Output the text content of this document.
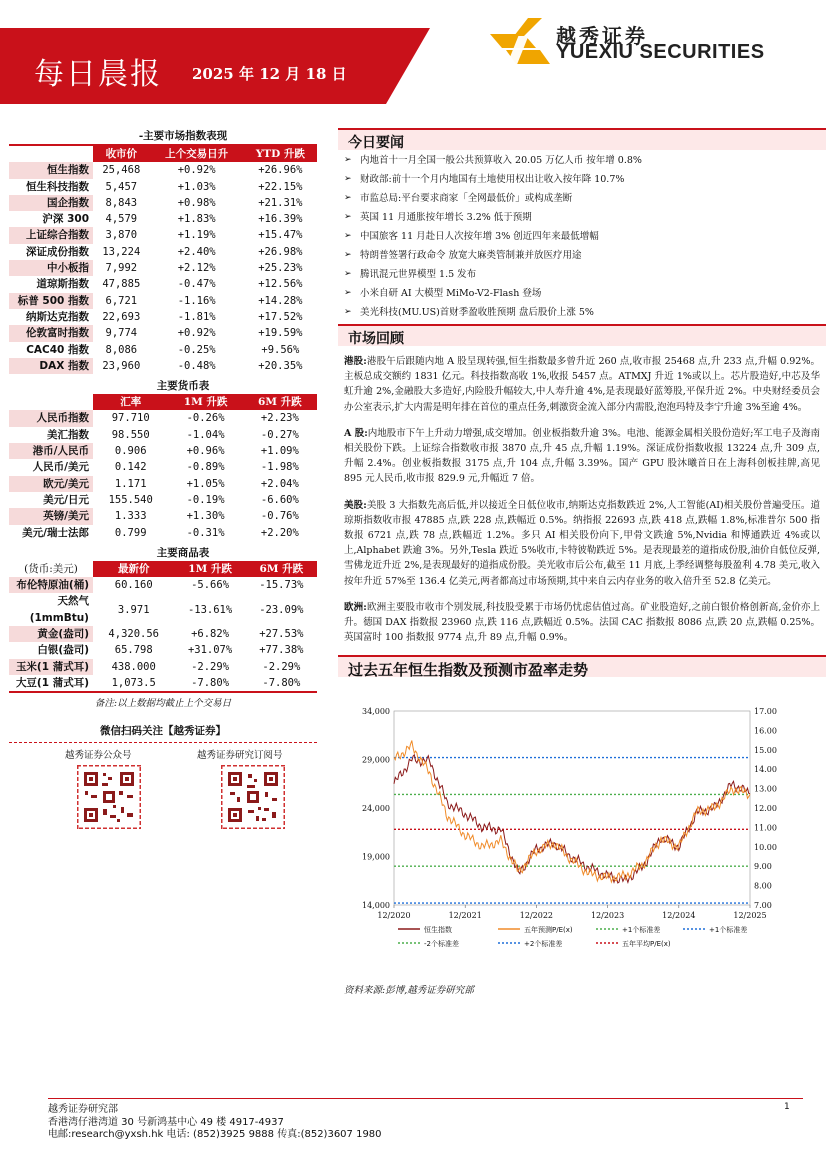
每日晨报 2025 年 12 月 18 日
越秀证券
YUEXIU SECURITIES
-主要市场指数表现
	收市价	上个交易日升	YTD 升跌
恒生指数	25,468	+0.92%	+26.96%
恒生科技指数	5,457	+1.03%	+22.15%
国企指数	8,843	+0.98%	+21.31%
沪深 300	4,579	+1.83%	+16.39%
上证综合指数	3,870	+1.19%	+15.47%
深证成份指数	13,224	+2.40%	+26.98%
中小板指	7,992	+2.12%	+25.23%
道琼斯指数	47,885	-0.47%	+12.56%
标普 500 指数	6,721	-1.16%	+14.28%
纳斯达克指数	22,693	-1.81%	+17.52%
伦敦富时指数	9,774	+0.92%	+19.59%
CAC40 指数	8,086	-0.25%	+9.56%
DAX 指数	23,960	-0.48%	+20.35%
主要货币表
	汇率	1M 升跌	6M 升跌
人民币指数	97.710	-0.26%	+2.23%
美汇指数	98.550	-1.04%	-0.27%
港币/人民币	0.906	+0.96%	+1.09%
人民币/美元	0.142	-0.89%	-1.98%
欧元/美元	1.171	+1.05%	+2.04%
美元/日元	155.540	-0.19%	-6.60%
英镑/美元	1.333	+1.30%	-0.76%
美元/瑞士法郎	0.799	-0.31%	+2.20%
主要商品表
(货币:美元)	最新价	1M 升跌	6M 升跌
布伦特原油(桶)	60.160	-5.66%	-15.73%
天然气(1mmBtu)	3.971	-13.61%	-23.09%
黄金(盎司)	4,320.56	+6.82%	+27.53%
白银(盎司)	65.798	+31.07%	+77.38%
玉米(1 蒲式耳)	438.000	-2.29%	-2.29%
大豆(1 蒲式耳)	1,073.5	-7.80%	-7.80%
备注:以上数据均截止上个交易日
微信扫码关注【越秀证券】
越秀证券公众号	越秀证券研究订阅号
今日要闻
➢ 内地首十一月全国一般公共预算收入 20.05 万亿人币 按年增 0.8%
➢ 财政部:前十一个月内地国有土地使用权出让收入按年降 10.7%
➢ 市监总局:平台要求商家「全网最低价」或构成垄断
➢ 英国 11 月通胀按年增长 3.2% 低于预期
➢ 中国旅客 11 月赴日人次按年增 3% 创近四年来最低增幅
➢ 特朗普签署行政命令 放宽大麻类管制兼并放医疗用途
➢ 腾讯混元世界模型 1.5 发布
➢ 小米自研 AI 大模型 MiMo-V2-Flash 登场
➢ 美光科技(MU.US)首财季盈收胜预期 盘后股价上涨 5%
市场回顾

港股:港股午后跟随内地 A 股呈现转强,恒生指数最多曾升近 260 点,收市报 25468 点,升 233 点,升幅 0.92%。主板总成交额约 1831 亿元。科技指数高收 1%,收报 5457 点。ATMXJ 升近 1%或以上。芯片股造好,中芯及华虹升逾 2%,金融股大多造好,内险股升幅较大,中人寿升逾 4%,是表现最好蓝筹股,平保升近 2%。中央财经委员会办公室表示,扩大内需是明年排在首位的重点任务,刺激资金流入部分内需股,泡泡玛特及李宁升逾 3%至逾 4%。

A 股:内地股市下午上升动力增强,成交增加。创业板指数升逾 3%。电池、能源金属相关股份造好;军工电子及海南相关股份下跌。上证综合指数收市报 3870 点,升 45 点,升幅 1.19%。深证成份指数收报 13224 点,升 309 点,升幅 2.4%。创业板指数报 3175 点,升 104 点,升幅 3.39%。国产 GPU 股沐曦首日在上海科创板挂牌,高见 895 元人民币,收市报 829.9 元,升幅近 7 倍。

美股:美股 3 大指数先高后低,并以接近全日低位收市,纳斯达克指数跌近 2%,人工智能(AI)相关股份普遍受压。道琼斯指数收市报 47885 点,跌 228 点,跌幅近 0.5%。纳指报 22693 点,跌 418 点,跌幅 1.8%,标准普尔 500 指数报 6721 点,跌 78 点,跌幅近 1.2%。多只 AI 相关股份向下,甲骨文跌逾 5%,Nvidia 和博通跌近 4%或以上,Alphabet 跌逾 3%。另外,Tesla 跌近 5%收市,卡特彼勒跌近 5%。是表现最差的道指成份股,油价自低位反弹,雪佛龙近升近 2%,是表现最好的道指成份股。美光收市后公布,截至 11 月底,上季经调整每股盈利 4.78 美元,收入按年升近 57%至 136.4 亿美元,两者都高过市场预期,其中来自云内存业务的收入倍升至 52.8 亿美元。

欧洲:欧洲主要股市收市个别发展,科技股受累于市场仍忧虑估值过高。矿业股造好,之前白银价格创新高,金价亦上升。德国 DAX 指数报 23960 点,跌 116 点,跌幅近 0.5%。法国 CAC 指数报 8086 点,跌 20 点,跌幅 0.25%。英国富时 100 指数报 9774 点,升 89 点,升幅 0.9%。

过去五年恒生指数及预测市盈率走势
14,000
19,000
24,000
29,000
34,000
7.00
8.00
9.00
10.00
11.00
12.00
13.00
14.00
15.00
16.00
17.00
12/2020	12/2021	12/2022	12/2023	12/2024	12/2025
恒生指数	五年预测P/E(x)	+1个标准差	+1个标准差
-2个标准差	+2个标准差	五年平均P/E(x)
资料来源:彭博,越秀证券研究部
越秀证券研究部
香港湾仔港湾道 30 号新鸿基中心 49 楼 4917-4937
电邮:research@yxsh.hk 电话: (852)3925 9888 传真:(852)3607 1980
1
